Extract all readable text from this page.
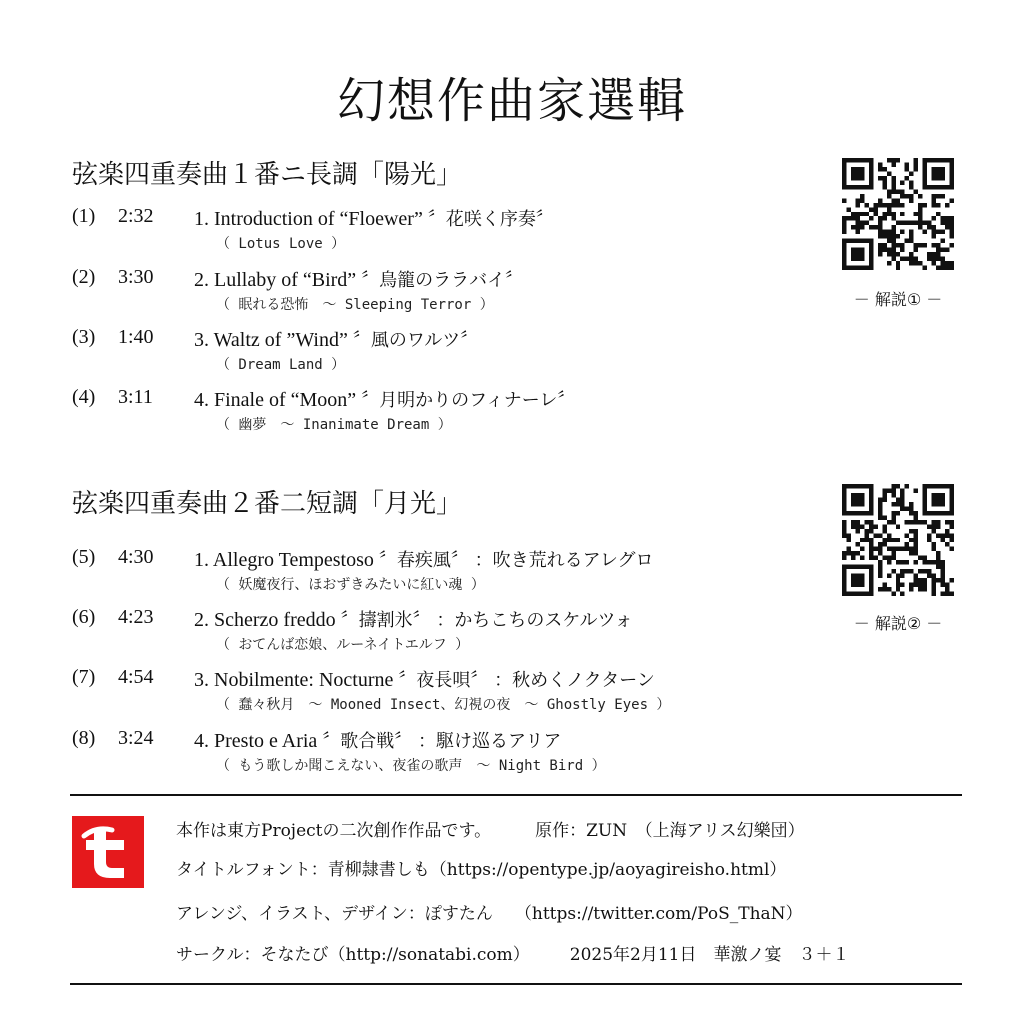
幻想作曲家選輯
弦楽四重奏曲１番ニ長調「陽光」
(1) 2:32 1. Introduction of “Floewer” 〞花咲く序奏〞
（ Lotus Love ）
(2) 3:30 2. Lullaby of “Bird” 〞鳥籠のララバイ〞
（ 眠れる恐怖　～ Sleeping Terror ）
(3) 1:40 3. Waltz of ”Wind” 〞風のワルツ〞
（ Dream Land ）
(4) 3:11 4. Finale of “Moon” 〞月明かりのフィナーレ〞
（ 幽夢　～ Inanimate Dream ）
－ 解説① －
弦楽四重奏曲２番二短調「月光」
(5) 4:30 1. Allegro Tempestoso 〞春疾風〞 ：吹き荒れるアレグロ
（ 妖魔夜行、ほおずきみたいに紅い魂 ）
(6) 4:23 2. Scherzo freddo 〞擣割氷〞 ：かちこちのスケルツォ
（ おてんば恋娘、ルーネイトエルフ ）
(7) 4:54 3. Nobilmente: Nocturne 〞夜長唄〞 ：秋めくノクターン
（ 蠢々秋月　～ Mooned Insect、幻視の夜　～ Ghostly Eyes ）
(8) 3:24 4. Presto e Aria 〞歌合戦〞 ：駆け巡るアリア
（ もう歌しか聞こえない、夜雀の歌声　～ Night Bird ）
－ 解説② －
本作は東方Projectの二次創作作品です。	原作：ZUN　（上海アリス幻樂団）
タイトルフォント：青柳隷書しも（https://opentype.jp/aoyagireisho.html）
アレンジ、イラスト、デザイン：ぽすたん （https://twitter.com/PoS_ThaN）
サークル：そなたび（http://sonatabi.com） 2025年2月11日　華激ノ宴　３＋１
